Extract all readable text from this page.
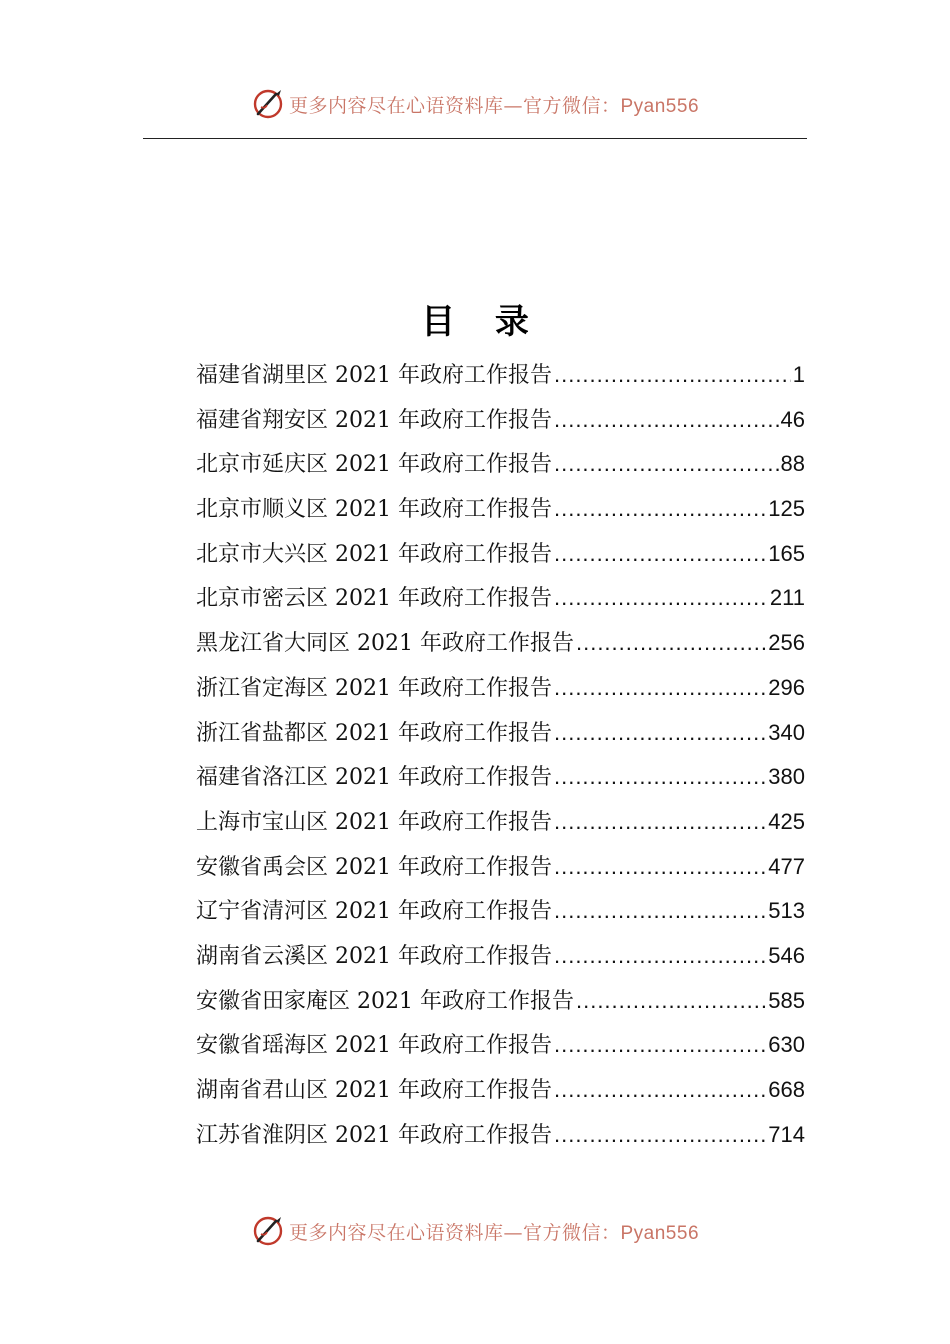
更多内容尽在心语资料库—官方微信：Pyan556
目 录
福建省湖里区 2021 年政府工作报告 .....	1
福建省翔安区 2021 年政府工作报告 .....	46
北京市延庆区 2021 年政府工作报告 .....	88
北京市顺义区 2021 年政府工作报告 .....	125
北京市大兴区 2021 年政府工作报告 .....	165
北京市密云区 2021 年政府工作报告 .....	211
黑龙江省大同区 2021 年政府工作报告 .....	256
浙江省定海区 2021 年政府工作报告 .....	296
浙江省盐都区 2021 年政府工作报告 .....	340
福建省洛江区 2021 年政府工作报告 .....	380
上海市宝山区 2021 年政府工作报告 .....	425
安徽省禹会区 2021 年政府工作报告 .....	477
辽宁省清河区 2021 年政府工作报告 .....	513
湖南省云溪区 2021 年政府工作报告 .....	546
安徽省田家庵区 2021 年政府工作报告 .....	585
安徽省瑶海区 2021 年政府工作报告 .....	630
湖南省君山区 2021 年政府工作报告 .....	668
江苏省淮阴区 2021 年政府工作报告 .....	714
更多内容尽在心语资料库—官方微信：Pyan556
